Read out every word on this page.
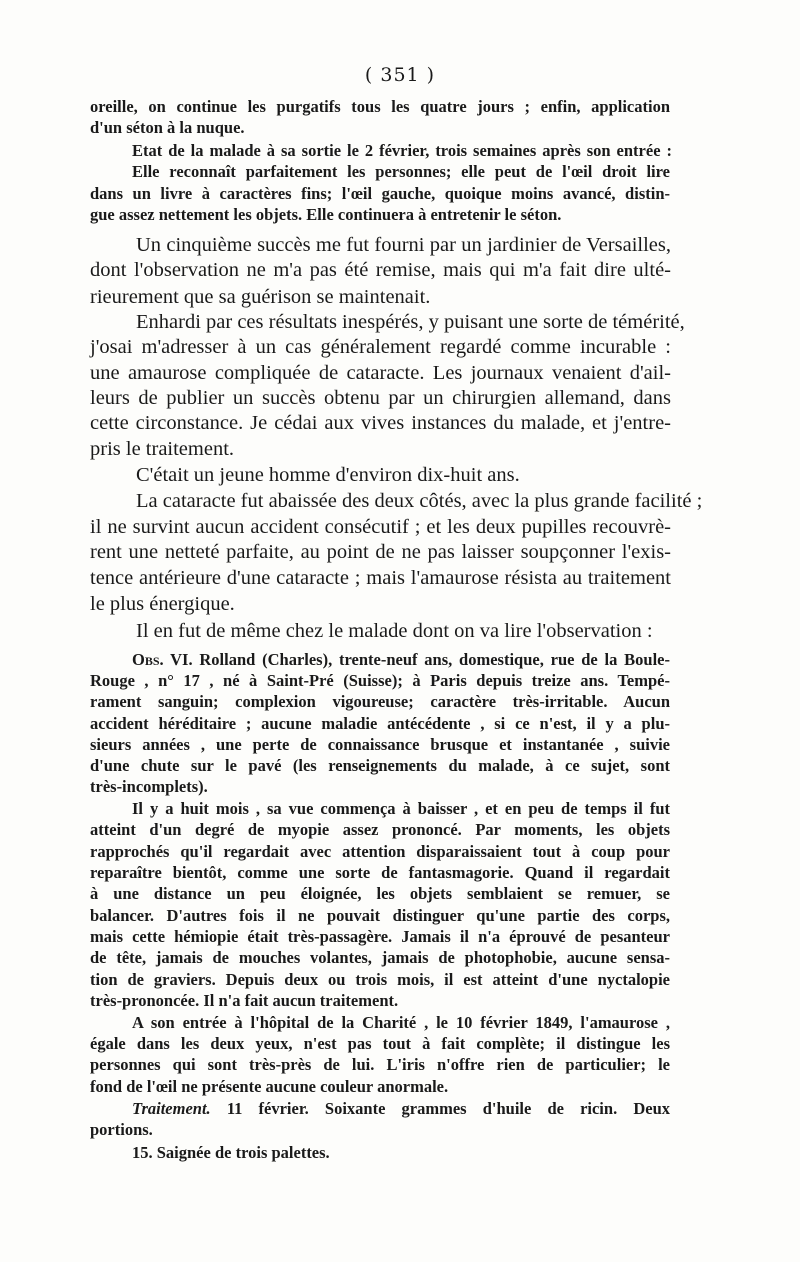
( 351 )
oreille, on continue les purgatifs tous les quatre jours ; enfin, application
d'un séton à la nuque.
Etat de la malade à sa sortie le 2 février, trois semaines après son entrée :
Elle reconnaît parfaitement les personnes; elle peut de l'œil droit lire
dans un livre à caractères fins; l'œil gauche, quoique moins avancé, distin-
gue assez nettement les objets. Elle continuera à entretenir le séton.
Un cinquième succès me fut fourni par un jardinier de Versailles,
dont l'observation ne m'a pas été remise, mais qui m'a fait dire ulté-
rieurement que sa guérison se maintenait.
Enhardi par ces résultats inespérés, y puisant une sorte de témérité,
j'osai m'adresser à un cas généralement regardé comme incurable :
une amaurose compliquée de cataracte. Les journaux venaient d'ail-
leurs de publier un succès obtenu par un chirurgien allemand, dans
cette circonstance. Je cédai aux vives instances du malade, et j'entre-
pris le traitement.
C'était un jeune homme d'environ dix-huit ans.
La cataracte fut abaissée des deux côtés, avec la plus grande facilité ;
il ne survint aucun accident consécutif ; et les deux pupilles recouvrè-
rent une netteté parfaite, au point de ne pas laisser soupçonner l'exis-
tence antérieure d'une cataracte ; mais l'amaurose résista au traitement
le plus énergique.
Il en fut de même chez le malade dont on va lire l'observation :
Obs. VI. Rolland (Charles), trente-neuf ans, domestique, rue de la Boule-
Rouge , n° 17 , né à Saint-Pré (Suisse); à Paris depuis treize ans. Tempé-
rament sanguin; complexion vigoureuse; caractère très-irritable. Aucun
accident héréditaire ; aucune maladie antécédente , si ce n'est, il y a plu-
sieurs années , une perte de connaissance brusque et instantanée , suivie
d'une chute sur le pavé (les renseignements du malade, à ce sujet, sont
très-incomplets).
Il y a huit mois , sa vue commença à baisser , et en peu de temps il fut
atteint d'un degré de myopie assez prononcé. Par moments, les objets
rapprochés qu'il regardait avec attention disparaissaient tout à coup pour
reparaître bientôt, comme une sorte de fantasmagorie. Quand il regardait
à une distance un peu éloignée, les objets semblaient se remuer, se
balancer. D'autres fois il ne pouvait distinguer qu'une partie des corps,
mais cette hémiopie était très-passagère. Jamais il n'a éprouvé de pesanteur
de tête, jamais de mouches volantes, jamais de photophobie, aucune sensa-
tion de graviers. Depuis deux ou trois mois, il est atteint d'une nyctalopie
très-prononcée. Il n'a fait aucun traitement.
A son entrée à l'hôpital de la Charité , le 10 février 1849, l'amaurose ,
égale dans les deux yeux, n'est pas tout à fait complète; il distingue les
personnes qui sont très-près de lui. L'iris n'offre rien de particulier; le
fond de l'œil ne présente aucune couleur anormale.
Traitement. 11 février. Soixante grammes d'huile de ricin. Deux
portions.
15. Saignée de trois palettes.
